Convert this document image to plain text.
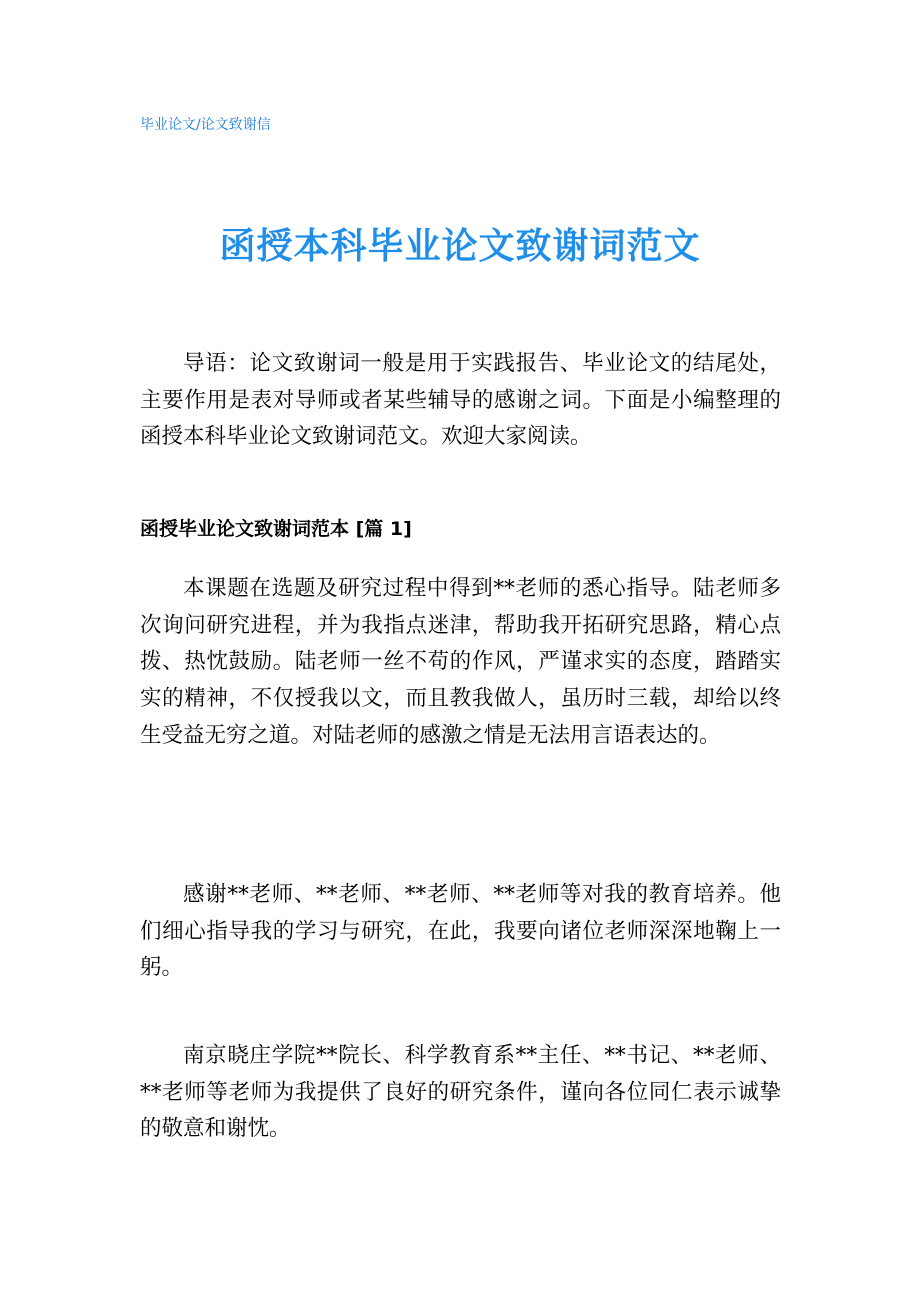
毕业论文/论文致谢信
函授本科毕业论文致谢词范文
导语：论文致谢词一般是用于实践报告、毕业论文的结尾处，主要作用是表对导师或者某些辅导的感谢之词。下面是小编整理的函授本科毕业论文致谢词范文。欢迎大家阅读。
函授毕业论文致谢词范本 [篇 1]
本课题在选题及研究过程中得到**老师的悉心指导。陆老师多次询问研究进程，并为我指点迷津，帮助我开拓研究思路，精心点拨、热忱鼓励。陆老师一丝不苟的作风，严谨求实的态度，踏踏实实的精神，不仅授我以文，而且教我做人，虽历时三载，却给以终生受益无穷之道。对陆老师的感激之情是无法用言语表达的。
感谢**老师、**老师、**老师、**老师等对我的教育培养。他们细心指导我的学习与研究，在此，我要向诸位老师深深地鞠上一躬。
南京晓庄学院**院长、科学教育系**主任、**书记、**老师、**老师等老师为我提供了良好的研究条件，谨向各位同仁表示诚挚的敬意和谢忱。
